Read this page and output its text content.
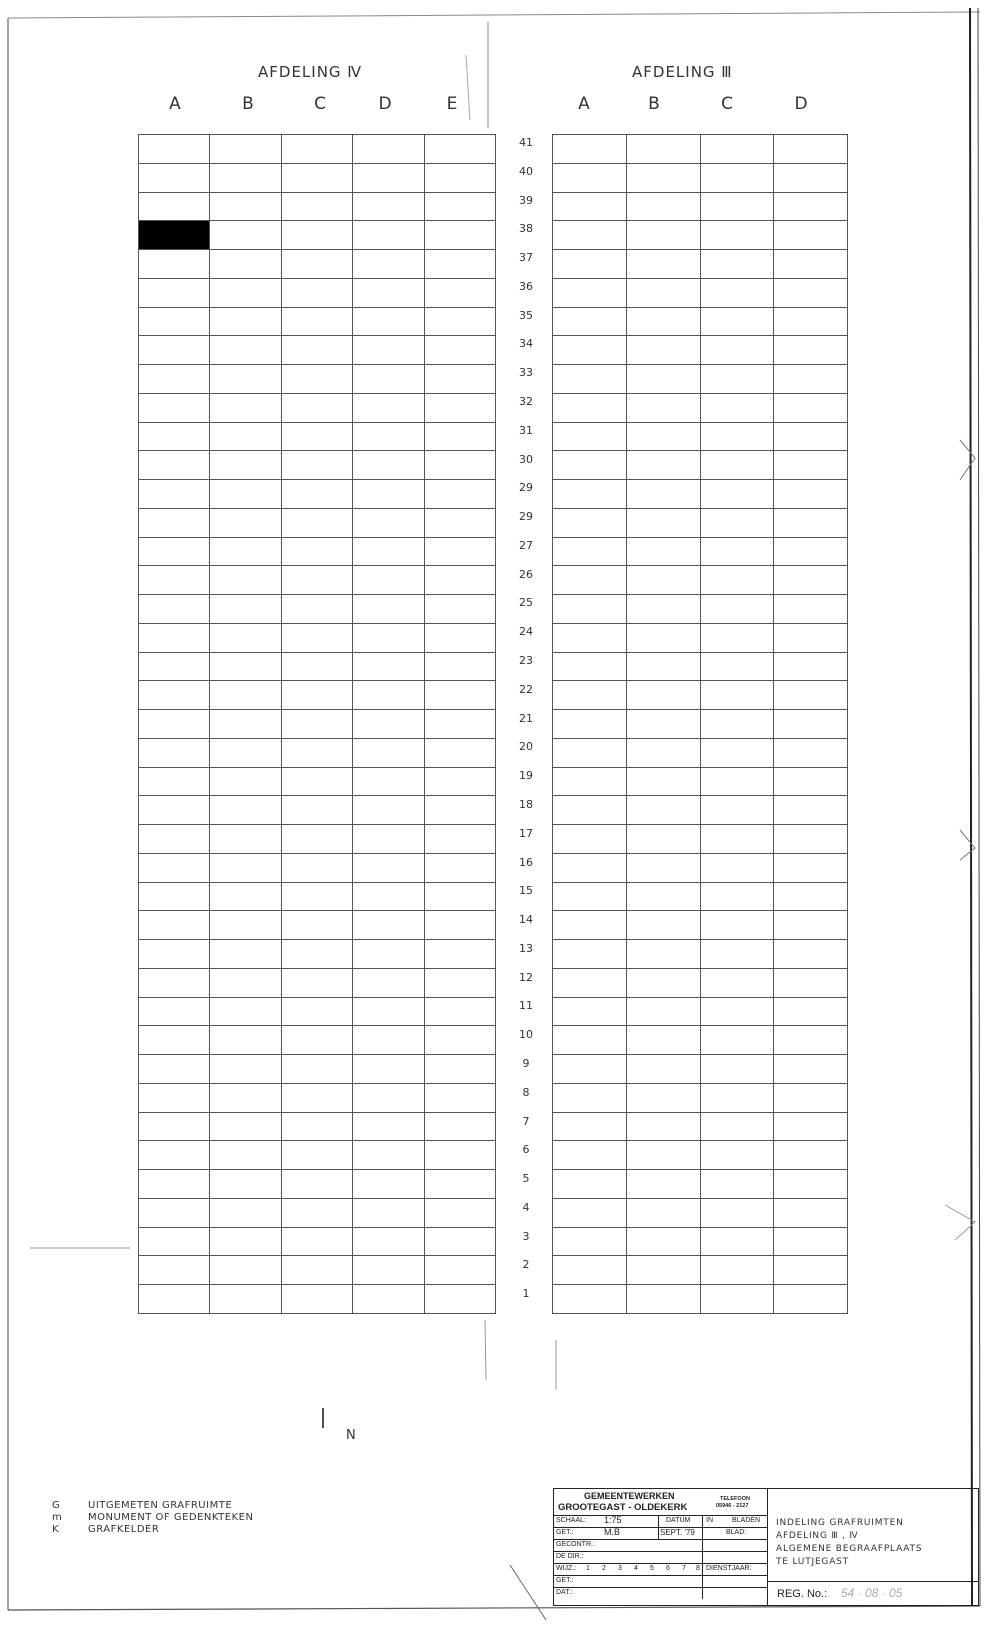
AFDELING Ⅳ	AFDELING Ⅲ
A	B	C	D	E	A	B	C	D

41
40
39
38
37
36
35
34
33
32
31
30
29
29
27
26
25
24
23
22
21
20
19
18
17
16
15
14
13
12
11
10
9
8
7
6
5
4
3
2
1
N
G	UITGEMETEN GRAFRUIMTE
m	MONUMENT OF GEDENKTEKEN
K	GRAFKELDER
GEMEENTEWERKEN
GROOTEGAST - OLDEKERK
TELEFOON
05946 - 2127
SCHAAL: 1:75	DATUM IN	BLADEN
GET.:	M.B	SEPT. '79	BLAD:
GECONTR.:
DE DIR.:
WIJZ.:	1	2	3	4	5	6	7	8 DIENSTJAAR:
GET.:
DAT.:
INDELING GRAFRUIMTEN
AFDELING Ⅲ , Ⅳ
ALGEMENE BEGRAAFPLAATS
TE LUTJEGAST
REG. No.: 54 · 08 · 05
